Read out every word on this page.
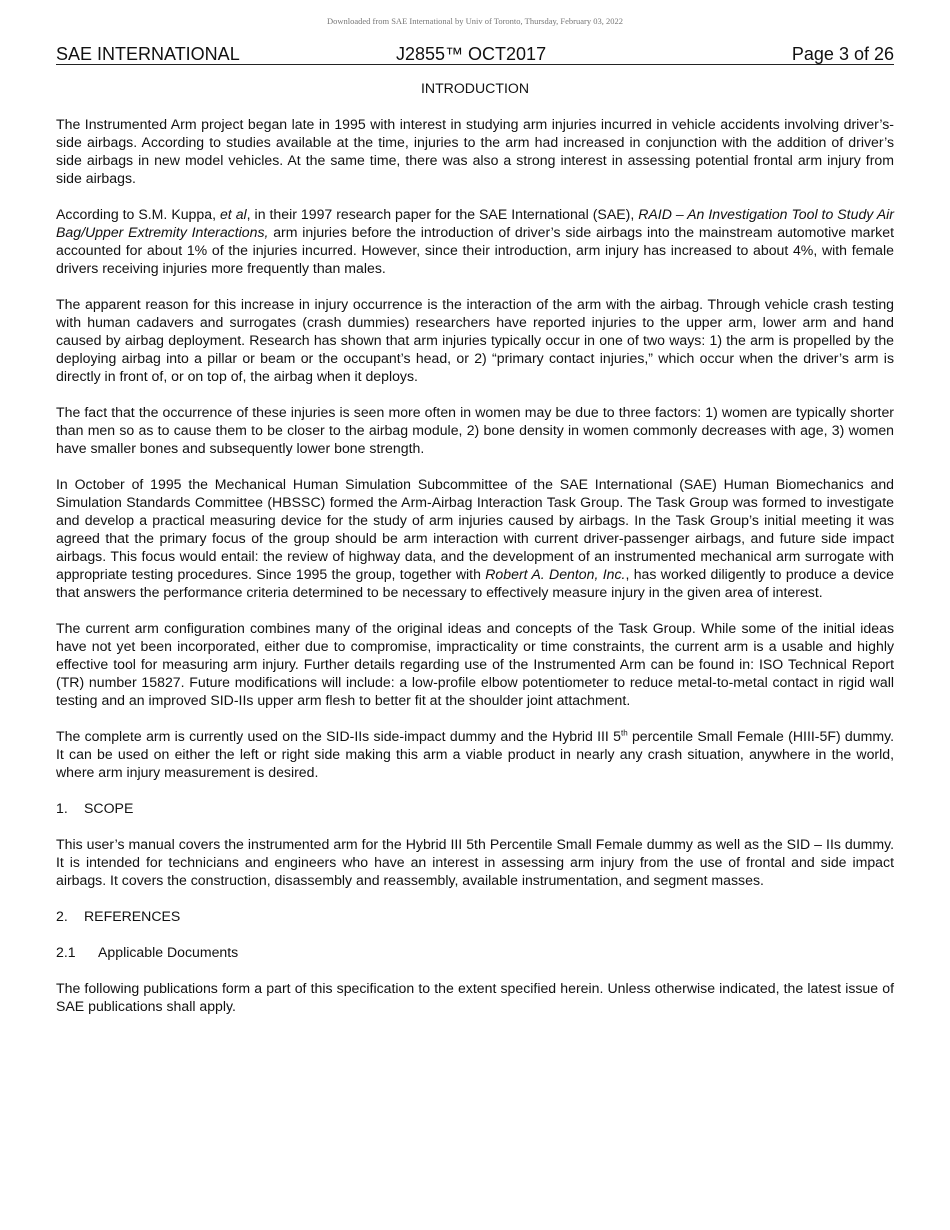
Downloaded from SAE International by Univ of Toronto, Thursday, February 03, 2022
SAE INTERNATIONAL	J2855™ OCT2017	Page 3 of 26
INTRODUCTION

The Instrumented Arm project began late in 1995 with interest in studying arm injuries incurred in vehicle accidents involving driver’s-side airbags. According to studies available at the time, injuries to the arm had increased in conjunction with the addition of driver’s side airbags in new model vehicles. At the same time, there was also a strong interest in assessing potential frontal arm injury from side airbags.

According to S.M. Kuppa, et al, in their 1997 research paper for the SAE International (SAE), RAID – An Investigation Tool to Study Air Bag/Upper Extremity Interactions, arm injuries before the introduction of driver’s side airbags into the mainstream automotive market accounted for about 1% of the injuries incurred. However, since their introduction, arm injury has increased to about 4%, with female drivers receiving injuries more frequently than males.

The apparent reason for this increase in injury occurrence is the interaction of the arm with the airbag. Through vehicle crash testing with human cadavers and surrogates (crash dummies) researchers have reported injuries to the upper arm, lower arm and hand caused by airbag deployment. Research has shown that arm injuries typically occur in one of two ways: 1) the arm is propelled by the deploying airbag into a pillar or beam or the occupant’s head, or 2) “primary contact injuries,” which occur when the driver’s arm is directly in front of, or on top of, the airbag when it deploys.

The fact that the occurrence of these injuries is seen more often in women may be due to three factors: 1) women are typically shorter than men so as to cause them to be closer to the airbag module, 2) bone density in women commonly decreases with age, 3) women have smaller bones and subsequently lower bone strength.

In October of 1995 the Mechanical Human Simulation Subcommittee of the SAE International (SAE) Human Biomechanics and Simulation Standards Committee (HBSSC) formed the Arm-Airbag Interaction Task Group. The Task Group was formed to investigate and develop a practical measuring device for the study of arm injuries caused by airbags. In the Task Group’s initial meeting it was agreed that the primary focus of the group should be arm interaction with current driver-passenger airbags, and future side impact airbags. This focus would entail: the review of highway data, and the development of an instrumented mechanical arm surrogate with appropriate testing procedures. Since 1995 the group, together with Robert A. Denton, Inc., has worked diligently to produce a device that answers the performance criteria determined to be necessary to effectively measure injury in the given area of interest.

The current arm configuration combines many of the original ideas and concepts of the Task Group. While some of the initial ideas have not yet been incorporated, either due to compromise, impracticality or time constraints, the current arm is a usable and highly effective tool for measuring arm injury. Further details regarding use of the Instrumented Arm can be found in: ISO Technical Report (TR) number 15827. Future modifications will include: a low-profile elbow potentiometer to reduce metal-to-metal contact in rigid wall testing and an improved SID-IIs upper arm flesh to better fit at the shoulder joint attachment.

The complete arm is currently used on the SID-IIs side-impact dummy and the Hybrid III 5th percentile Small Female (HIII-5F) dummy. It can be used on either the left or right side making this arm a viable product in nearly any crash situation, anywhere in the world, where arm injury measurement is desired.

1. SCOPE

This user’s manual covers the instrumented arm for the Hybrid III 5th Percentile Small Female dummy as well as the SID – IIs dummy. It is intended for technicians and engineers who have an interest in assessing arm injury from the use of frontal and side impact airbags. It covers the construction, disassembly and reassembly, available instrumentation, and segment masses.

2. REFERENCES
2.1 Applicable Documents

The following publications form a part of this specification to the extent specified herein. Unless otherwise indicated, the latest issue of SAE publications shall apply.
